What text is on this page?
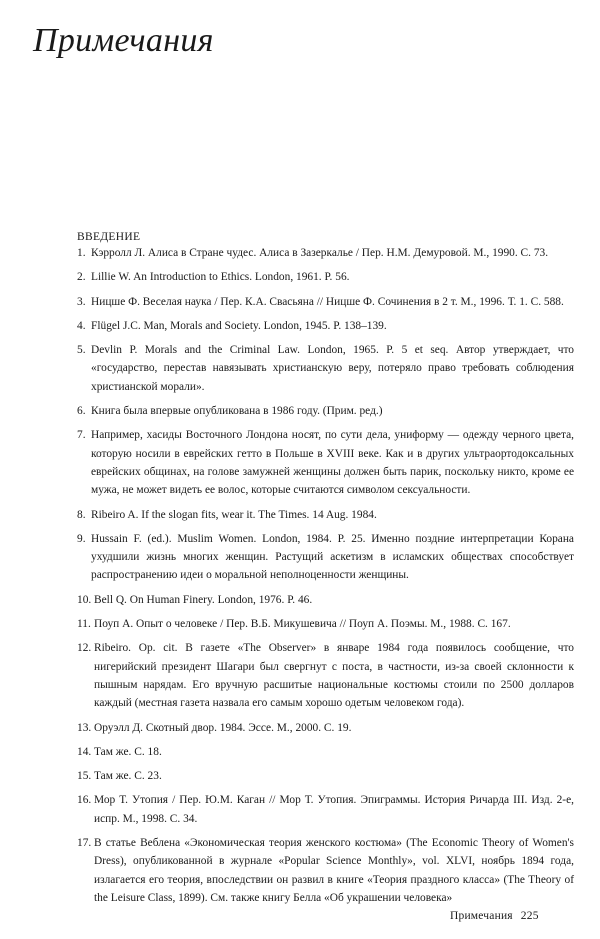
Примечания
ВВЕДЕНИЕ
1. Кэрролл Л. Алиса в Стране чудес. Алиса в Зазеркалье / Пер. Н.М. Демуровой. М., 1990. С. 73.
2. Lillie W. An Introduction to Ethics. London, 1961. P. 56.
3. Ницше Ф. Веселая наука / Пер. К.А. Свасьяна // Ницше Ф. Сочинения в 2 т. М., 1996. Т. 1. С. 588.
4. Flügel J.C. Man, Morals and Society. London, 1945. P. 138–139.
5. Devlin P. Morals and the Criminal Law. London, 1965. P. 5 et seq. Автор утверждает, что «государство, перестав навязывать христианскую веру, потеряло право требовать соблюдения христианской морали».
6. Книга была впервые опубликована в 1986 году. (Прим. ред.)
7. Например, хасиды Восточного Лондона носят, по сути дела, униформу — одежду черного цвета, которую носили в еврейских гетто в Польше в XVIII веке. Как и в других ультраортодоксальных еврейских общинах, на голове замужней женщины должен быть парик, поскольку никто, кроме ее мужа, не может видеть ее волос, которые считаются символом сексуальности.
8. Ribeiro A. If the slogan fits, wear it. The Times. 14 Aug. 1984.
9. Hussain F. (ed.). Muslim Women. London, 1984. P. 25. Именно поздние интерпретации Корана ухудшили жизнь многих женщин. Растущий аскетизм в исламских обществах способствует распространению идеи о моральной неполноценности женщины.
10. Bell Q. On Human Finery. London, 1976. P. 46.
11. Поуп А. Опыт о человеке / Пер. В.Б. Микушевича // Поуп А. Поэмы. М., 1988. С. 167.
12. Ribeiro. Op. cit. В газете «The Observer» в январе 1984 года появилось сообщение, что нигерийский президент Шагари был свергнут с поста, в частности, из-за своей склонности к пышным нарядам. Его вручную расшитые национальные костюмы стоили по 2500 долларов каждый (местная газета назвала его самым хорошо одетым человеком года).
13. Оруэлл Д. Скотный двор. 1984. Эссе. М., 2000. С. 19.
14. Там же. С. 18.
15. Там же. С. 23.
16. Мор Т. Утопия / Пер. Ю.М. Каган // Мор Т. Утопия. Эпиграммы. История Ричарда III. Изд. 2-е, испр. М., 1998. С. 34.
17. В статье Веблена «Экономическая теория женского костюма» (The Economic Theory of Women's Dress), опубликованной в журнале «Popular Science Monthly», vol. XLVI, ноябрь 1894 года, излагается его теория, впоследствии он развил в книге «Теория праздного класса» (The Theory of the Leisure Class, 1899). См. также книгу Белла «Об украшении человека»
Примечания 225
